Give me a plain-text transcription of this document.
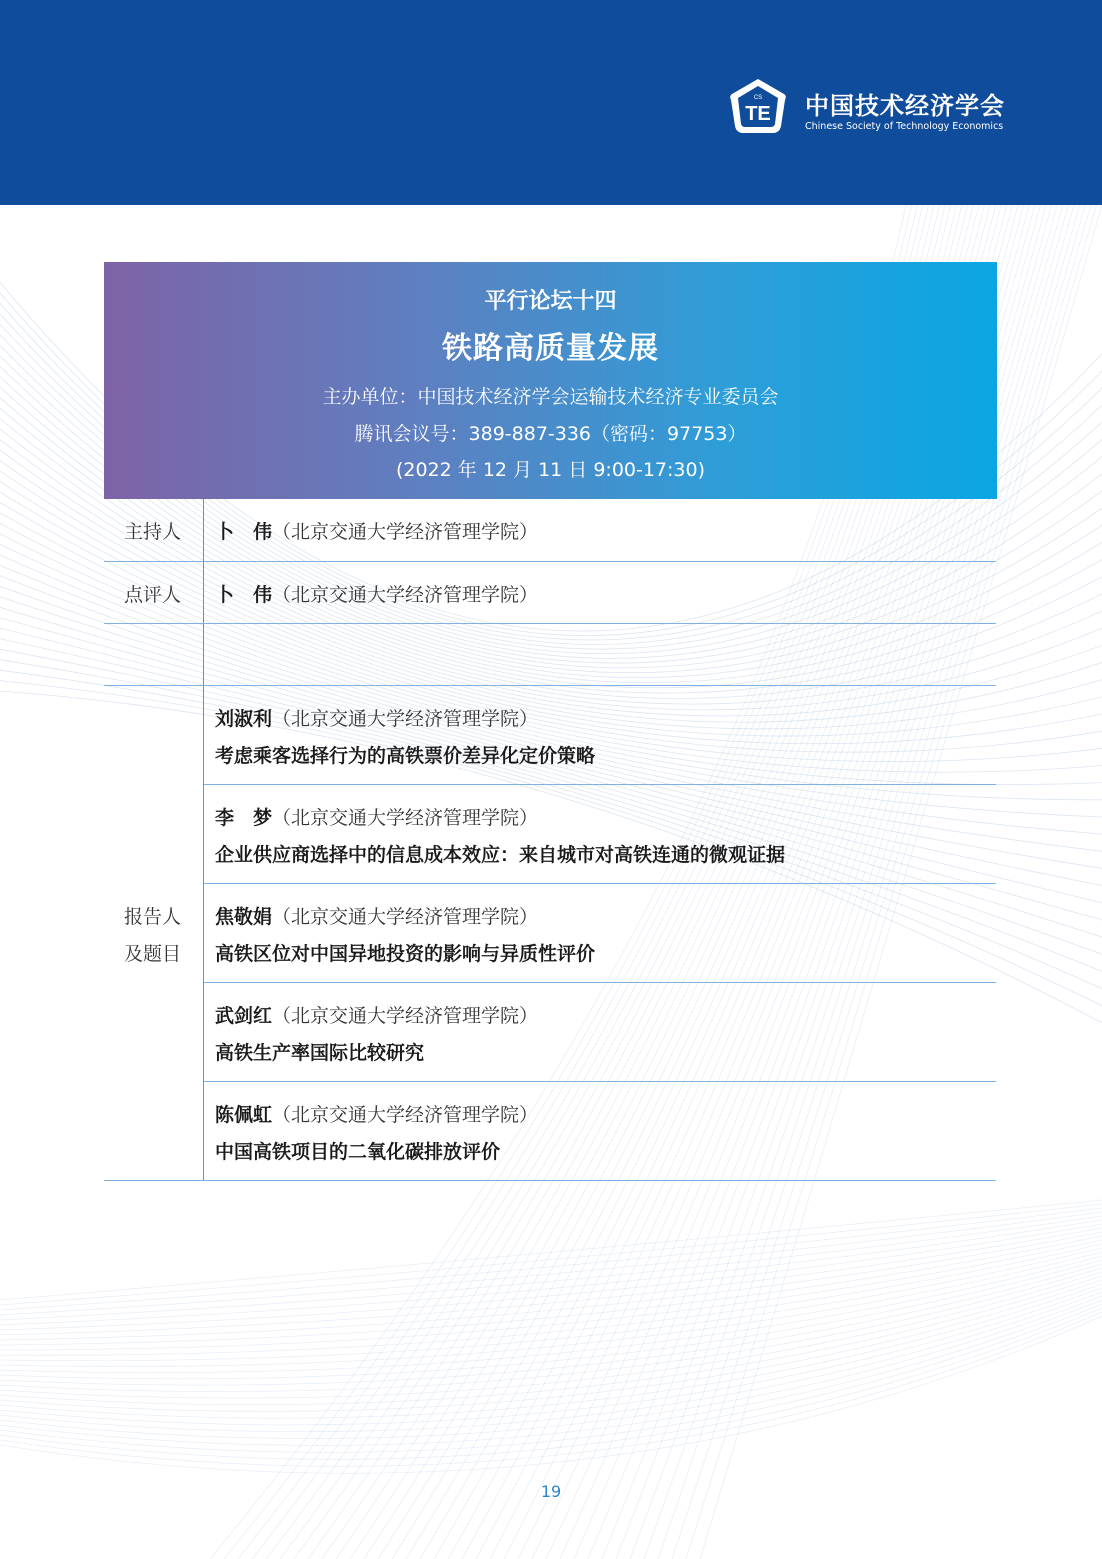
CS
TE 中国技术经济学会
Chinese Society of Technology Economics
平行论坛十四
铁路高质量发展
主办单位：中国技术经济学会运输技术经济专业委员会
腾讯会议号：389-887-336（密码：97753）
(2022 年 12 月 11 日 9:00-17:30)
主持人 卜　伟（北京交通大学经济管理学院）
点评人 卜　伟（北京交通大学经济管理学院）
报告人
及题目
刘淑利（北京交通大学经济管理学院）
考虑乘客选择行为的高铁票价差异化定价策略
李　梦（北京交通大学经济管理学院）
企业供应商选择中的信息成本效应：来自城市对高铁连通的微观证据
焦敬娟（北京交通大学经济管理学院）
高铁区位对中国异地投资的影响与异质性评价
武剑红（北京交通大学经济管理学院）
高铁生产率国际比较研究
陈佩虹（北京交通大学经济管理学院）
中国高铁项目的二氧化碳排放评价
19
